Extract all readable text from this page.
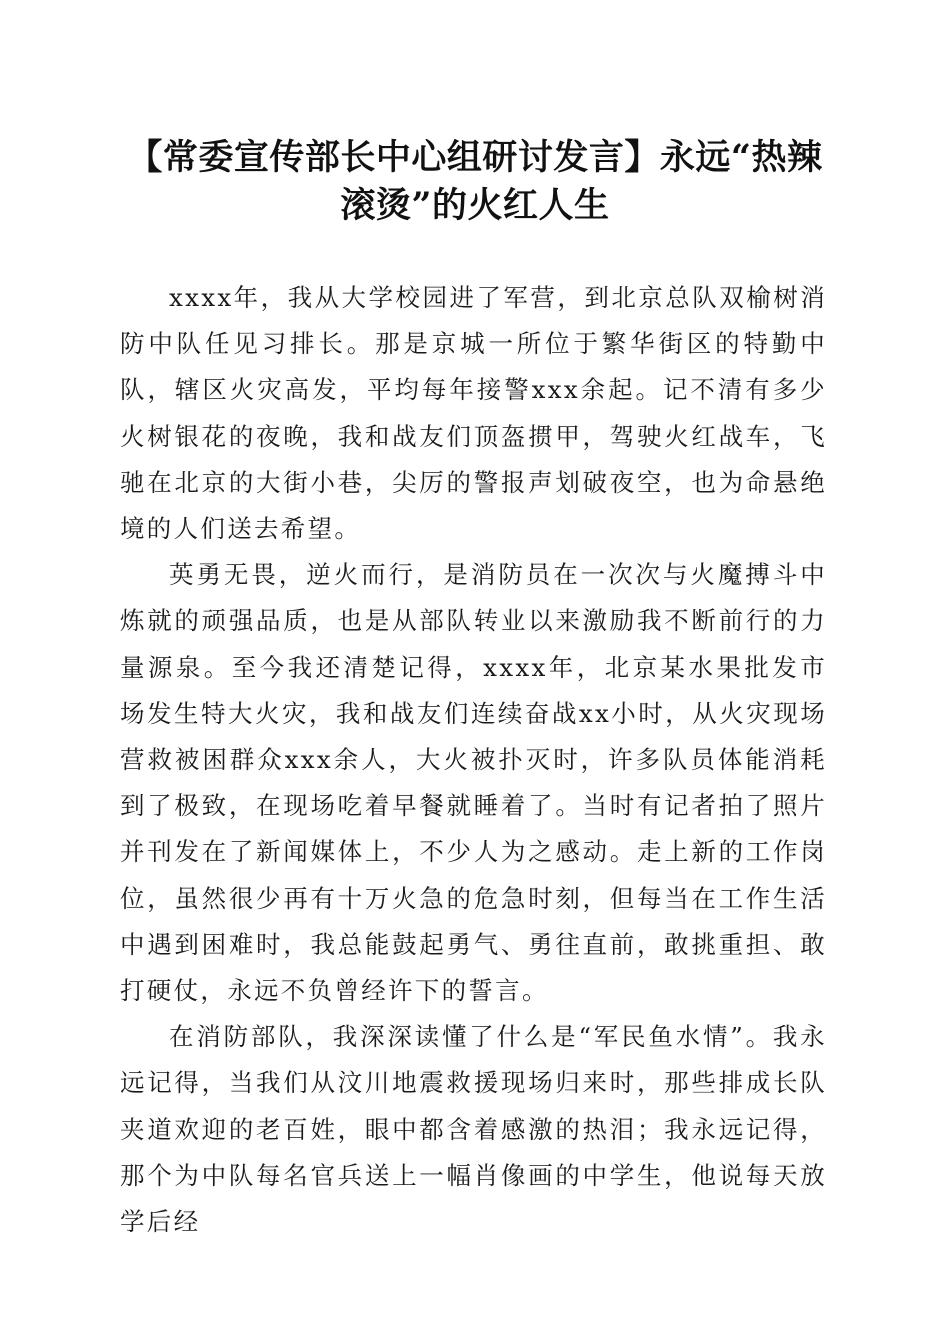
【常委宣传部长中心组研讨发言】永远“热辣滚烫”的火红人生

xxxx年，我从大学校园进了军营，到北京总队双榆树消防中队任见习排长。那是京城一所位于繁华街区的特勤中队，辖区火灾高发，平均每年接警xxx余起。记不清有多少火树银花的夜晚，我和战友们顶盔掼甲，驾驶火红战车，飞驰在北京的大街小巷，尖厉的警报声划破夜空，也为命悬绝境的人们送去希望。

英勇无畏，逆火而行，是消防员在一次次与火魔搏斗中炼就的顽强品质，也是从部队转业以来激励我不断前行的力量源泉。至今我还清楚记得，xxxx年，北京某水果批发市场发生特大火灾，我和战友们连续奋战xx小时，从火灾现场营救被困群众xxx余人，大火被扑灭时，许多队员体能消耗到了极致，在现场吃着早餐就睡着了。当时有记者拍了照片并刊发在了新闻媒体上，不少人为之感动。走上新的工作岗位，虽然很少再有十万火急的危急时刻，但每当在工作生活中遇到困难时，我总能鼓起勇气、勇往直前，敢挑重担、敢打硬仗，永远不负曾经许下的誓言。

在消防部队，我深深读懂了什么是“军民鱼水情”。我永远记得，当我们从汶川地震救援现场归来时，那些排成长队夹道欢迎的老百姓，眼中都含着感激的热泪；我永远记得，那个为中队每名官兵送上一幅肖像画的中学生，他说每天放学后经
